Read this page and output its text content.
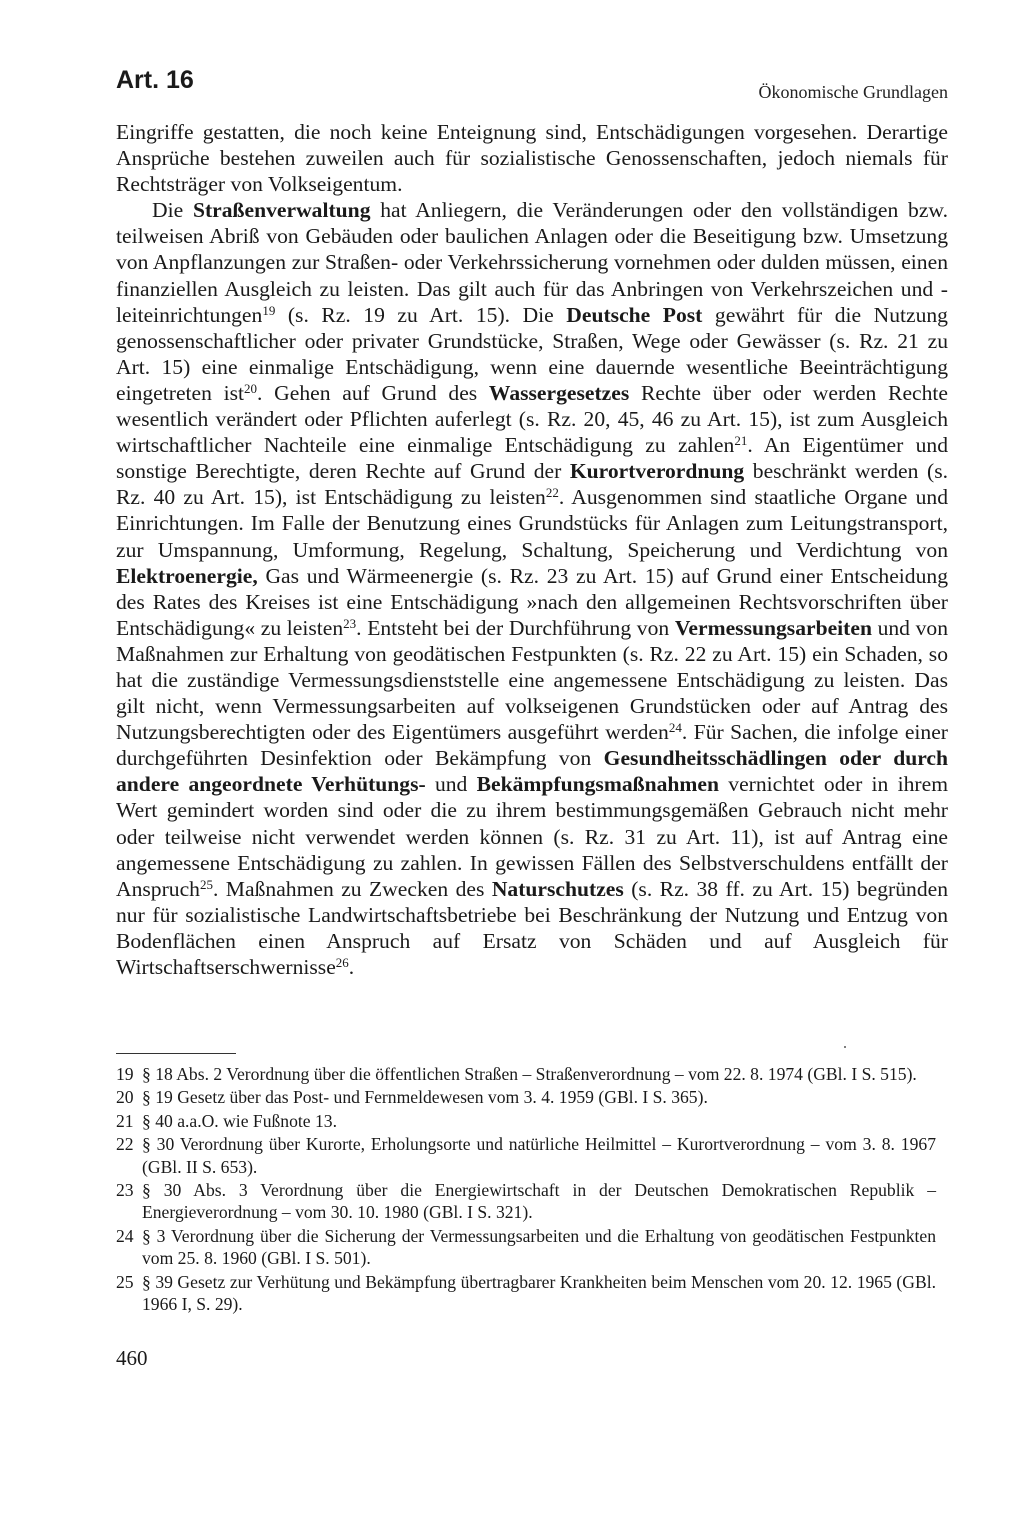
Art. 16	Ökonomische Grundlagen

Eingriffe gestatten, die noch keine Enteignung sind, Entschädigungen vorgesehen. Derartige Ansprüche bestehen zuweilen auch für sozialistische Genossenschaften, jedoch niemals für Rechtsträger von Volkseigentum.

Die Straßenverwaltung hat Anliegern, die Veränderungen oder den vollständigen bzw. teilweisen Abriß von Gebäuden oder baulichen Anlagen oder die Beseitigung bzw. Umsetzung von Anpflanzungen zur Straßen- oder Verkehrssicherung vornehmen oder dulden müssen, einen finanziellen Ausgleich zu leisten. Das gilt auch für das Anbringen von Verkehrszeichen und -leiteinrichtungen$^{19}$ (s. Rz. 19 zu Art. 15). Die Deutsche Post gewährt für die Nutzung genossenschaftlicher oder privater Grundstücke, Straßen, Wege oder Gewässer (s. Rz. 21 zu Art. 15) eine einmalige Entschädigung, wenn eine dauernde wesentliche Beeinträchtigung eingetreten ist$^{20}$. Gehen auf Grund des Wassergesetzes Rechte über oder werden Rechte wesentlich verändert oder Pflichten auferlegt (s. Rz. 20, 45, 46 zu Art. 15), ist zum Ausgleich wirtschaftlicher Nachteile eine einmalige Entschädigung zu zahlen$^{21}$. An Eigentümer und sonstige Berechtigte, deren Rechte auf Grund der Kurortverordnung beschränkt werden (s. Rz. 40 zu Art. 15), ist Entschädigung zu leisten$^{22}$. Ausgenommen sind staatliche Organe und Einrichtungen. Im Falle der Benutzung eines Grundstücks für Anlagen zum Leitungstransport, zur Umspannung, Umformung, Regelung, Schaltung, Speicherung und Verdichtung von Elektroenergie, Gas und Wärmeenergie (s. Rz. 23 zu Art. 15) auf Grund einer Entscheidung des Rates des Kreises ist eine Entschädigung »nach den allgemeinen Rechtsvorschriften über Entschädigung« zu leisten$^{23}$. Entsteht bei der Durchführung von Vermessungsarbeiten und von Maßnahmen zur Erhaltung von geodätischen Festpunkten (s. Rz. 22 zu Art. 15) ein Schaden, so hat die zuständige Vermessungsdienststelle eine angemessene Entschädigung zu leisten. Das gilt nicht, wenn Vermessungsarbeiten auf volkseigenen Grundstücken oder auf Antrag des Nutzungsberechtigten oder des Eigentümers ausgeführt werden$^{24}$. Für Sachen, die infolge einer durchgeführten Desinfektion oder Bekämpfung von Gesundheitsschädlingen oder durch andere angeordnete Verhütungs- und Bekämpfungsmaßnahmen vernichtet oder in ihrem Wert gemindert worden sind oder die zu ihrem bestimmungsgemäßen Gebrauch nicht mehr oder teilweise nicht verwendet werden können (s. Rz. 31 zu Art. 11), ist auf Antrag eine angemessene Entschädigung zu zahlen. In gewissen Fällen des Selbstverschuldens entfällt der Anspruch$^{25}$. Maßnahmen zu Zwecken des Naturschutzes (s. Rz. 38 ff. zu Art. 15) begründen nur für sozialistische Landwirtschaftsbetriebe bei Beschränkung der Nutzung und Entzug von Bodenflächen einen Anspruch auf Ersatz von Schäden und auf Ausgleich für Wirtschaftserschwernisse$^{26}$.

19 § 18 Abs. 2 Verordnung über die öffentlichen Straßen – Straßenverordnung – vom 22. 8. 1974 (GBl. I S. 515).
20 § 19 Gesetz über das Post- und Fernmeldewesen vom 3. 4. 1959 (GBl. I S. 365).
21 § 40 a.a.O. wie Fußnote 13.
22 § 30 Verordnung über Kurorte, Erholungsorte und natürliche Heilmittel – Kurortverordnung – vom 3. 8. 1967 (GBl. II S. 653).
23 § 30 Abs. 3 Verordnung über die Energiewirtschaft in der Deutschen Demokratischen Republik – Energieverordnung – vom 30. 10. 1980 (GBl. I S. 321).
24 § 3 Verordnung über die Sicherung der Vermessungsarbeiten und die Erhaltung von geodätischen Festpunkten vom 25. 8. 1960 (GBl. I S. 501).
25 § 39 Gesetz zur Verhütung und Bekämpfung übertragbarer Krankheiten beim Menschen vom 20. 12. 1965 (GBl. 1966 I, S. 29).
460
